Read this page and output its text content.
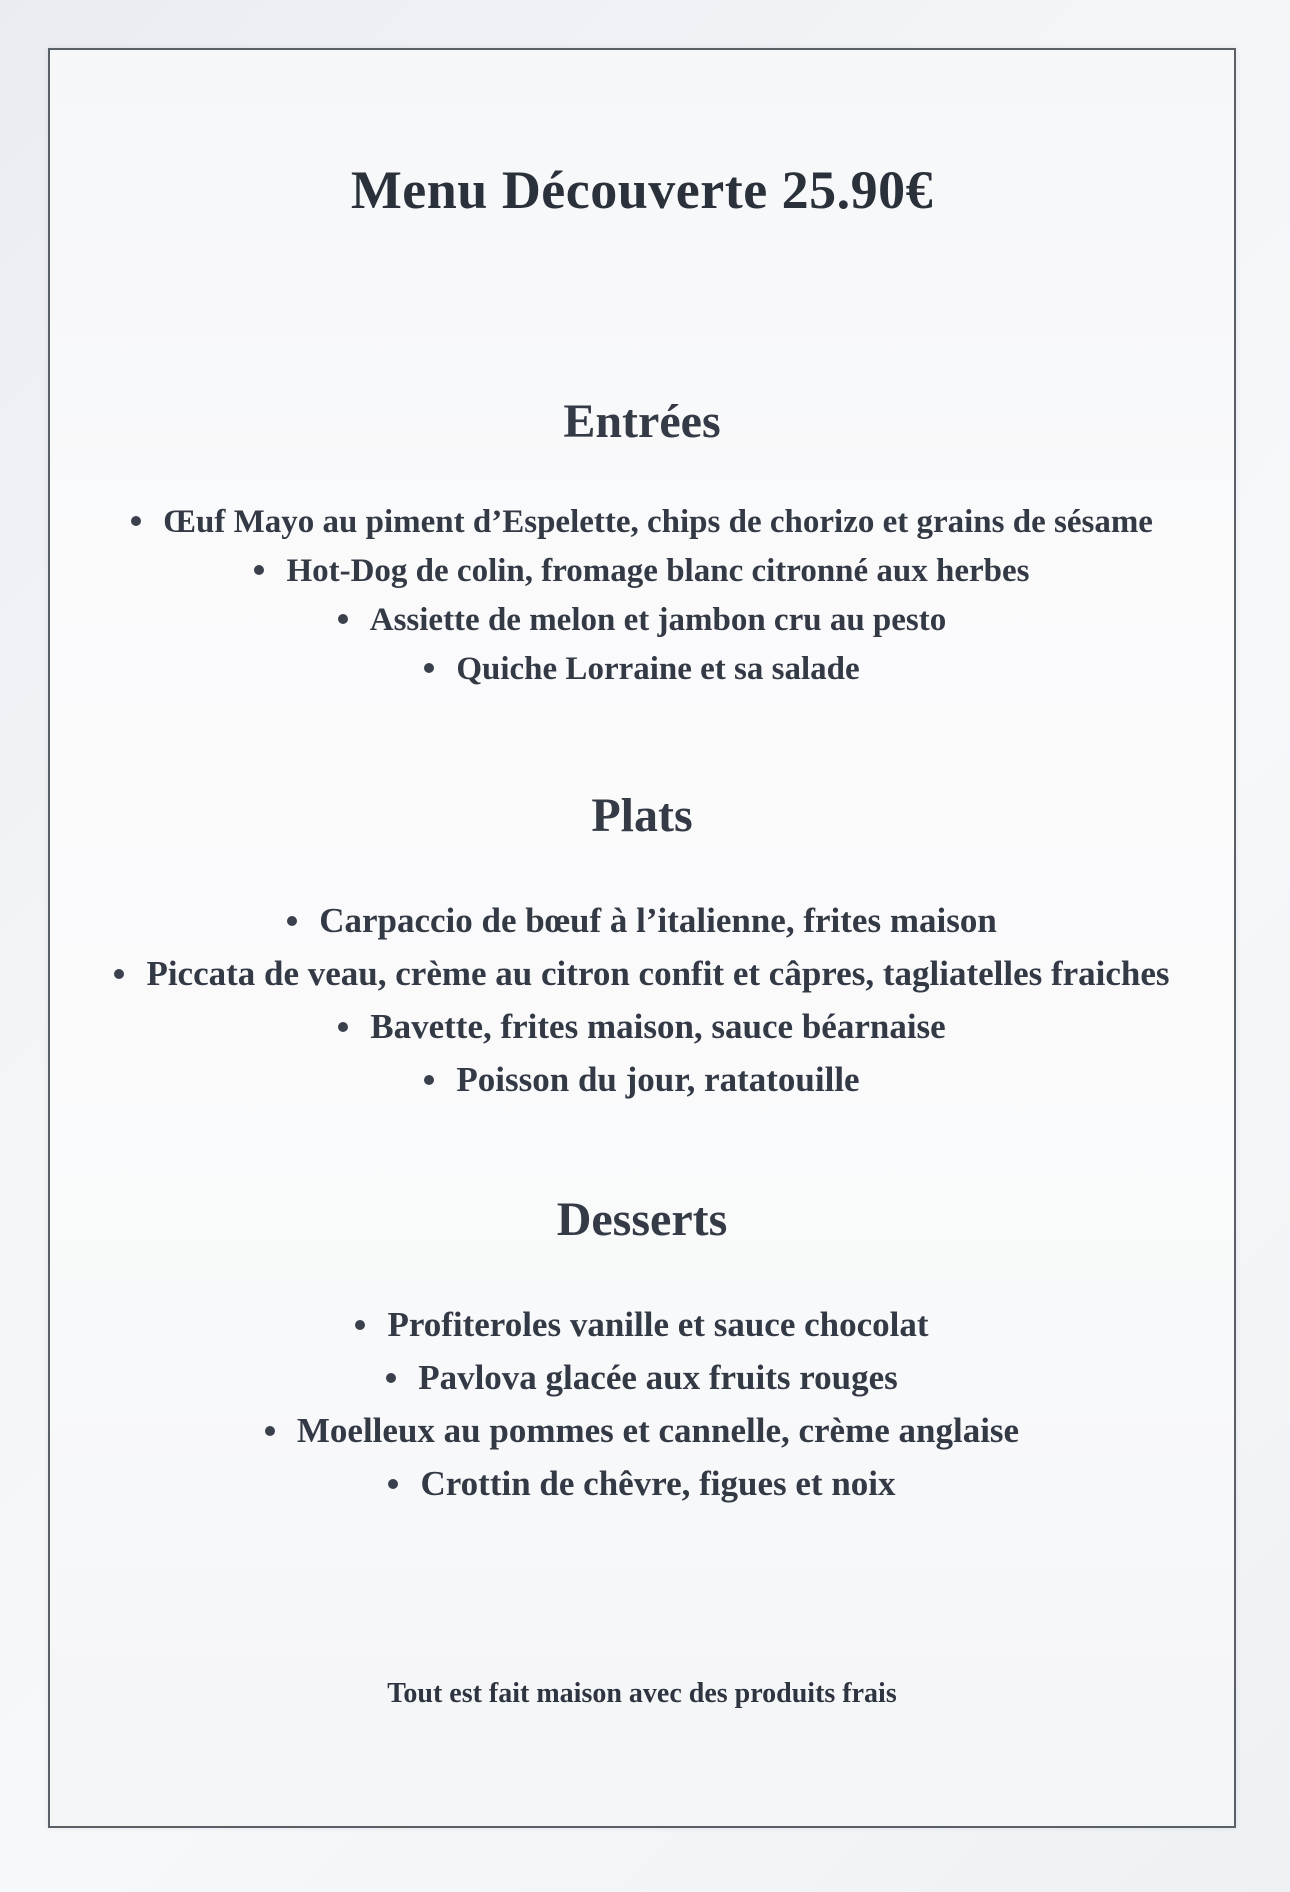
Menu Découverte 25.90€
Entrées
Œuf Mayo au piment d’Espelette, chips de chorizo et grains de sésame
Hot-Dog de colin, fromage blanc citronné aux herbes
Assiette de melon et jambon cru au pesto
Quiche Lorraine et sa salade
Plats
Carpaccio de bœuf à l’italienne, frites maison
Piccata de veau, crème au citron confit et câpres, tagliatelles fraiches
Bavette, frites maison, sauce béarnaise
Poisson du jour, ratatouille
Desserts
Profiteroles vanille et sauce chocolat
Pavlova glacée aux fruits rouges
Moelleux au pommes et cannelle, crème anglaise
Crottin de chêvre, figues et noix
Tout est fait maison avec des produits frais
